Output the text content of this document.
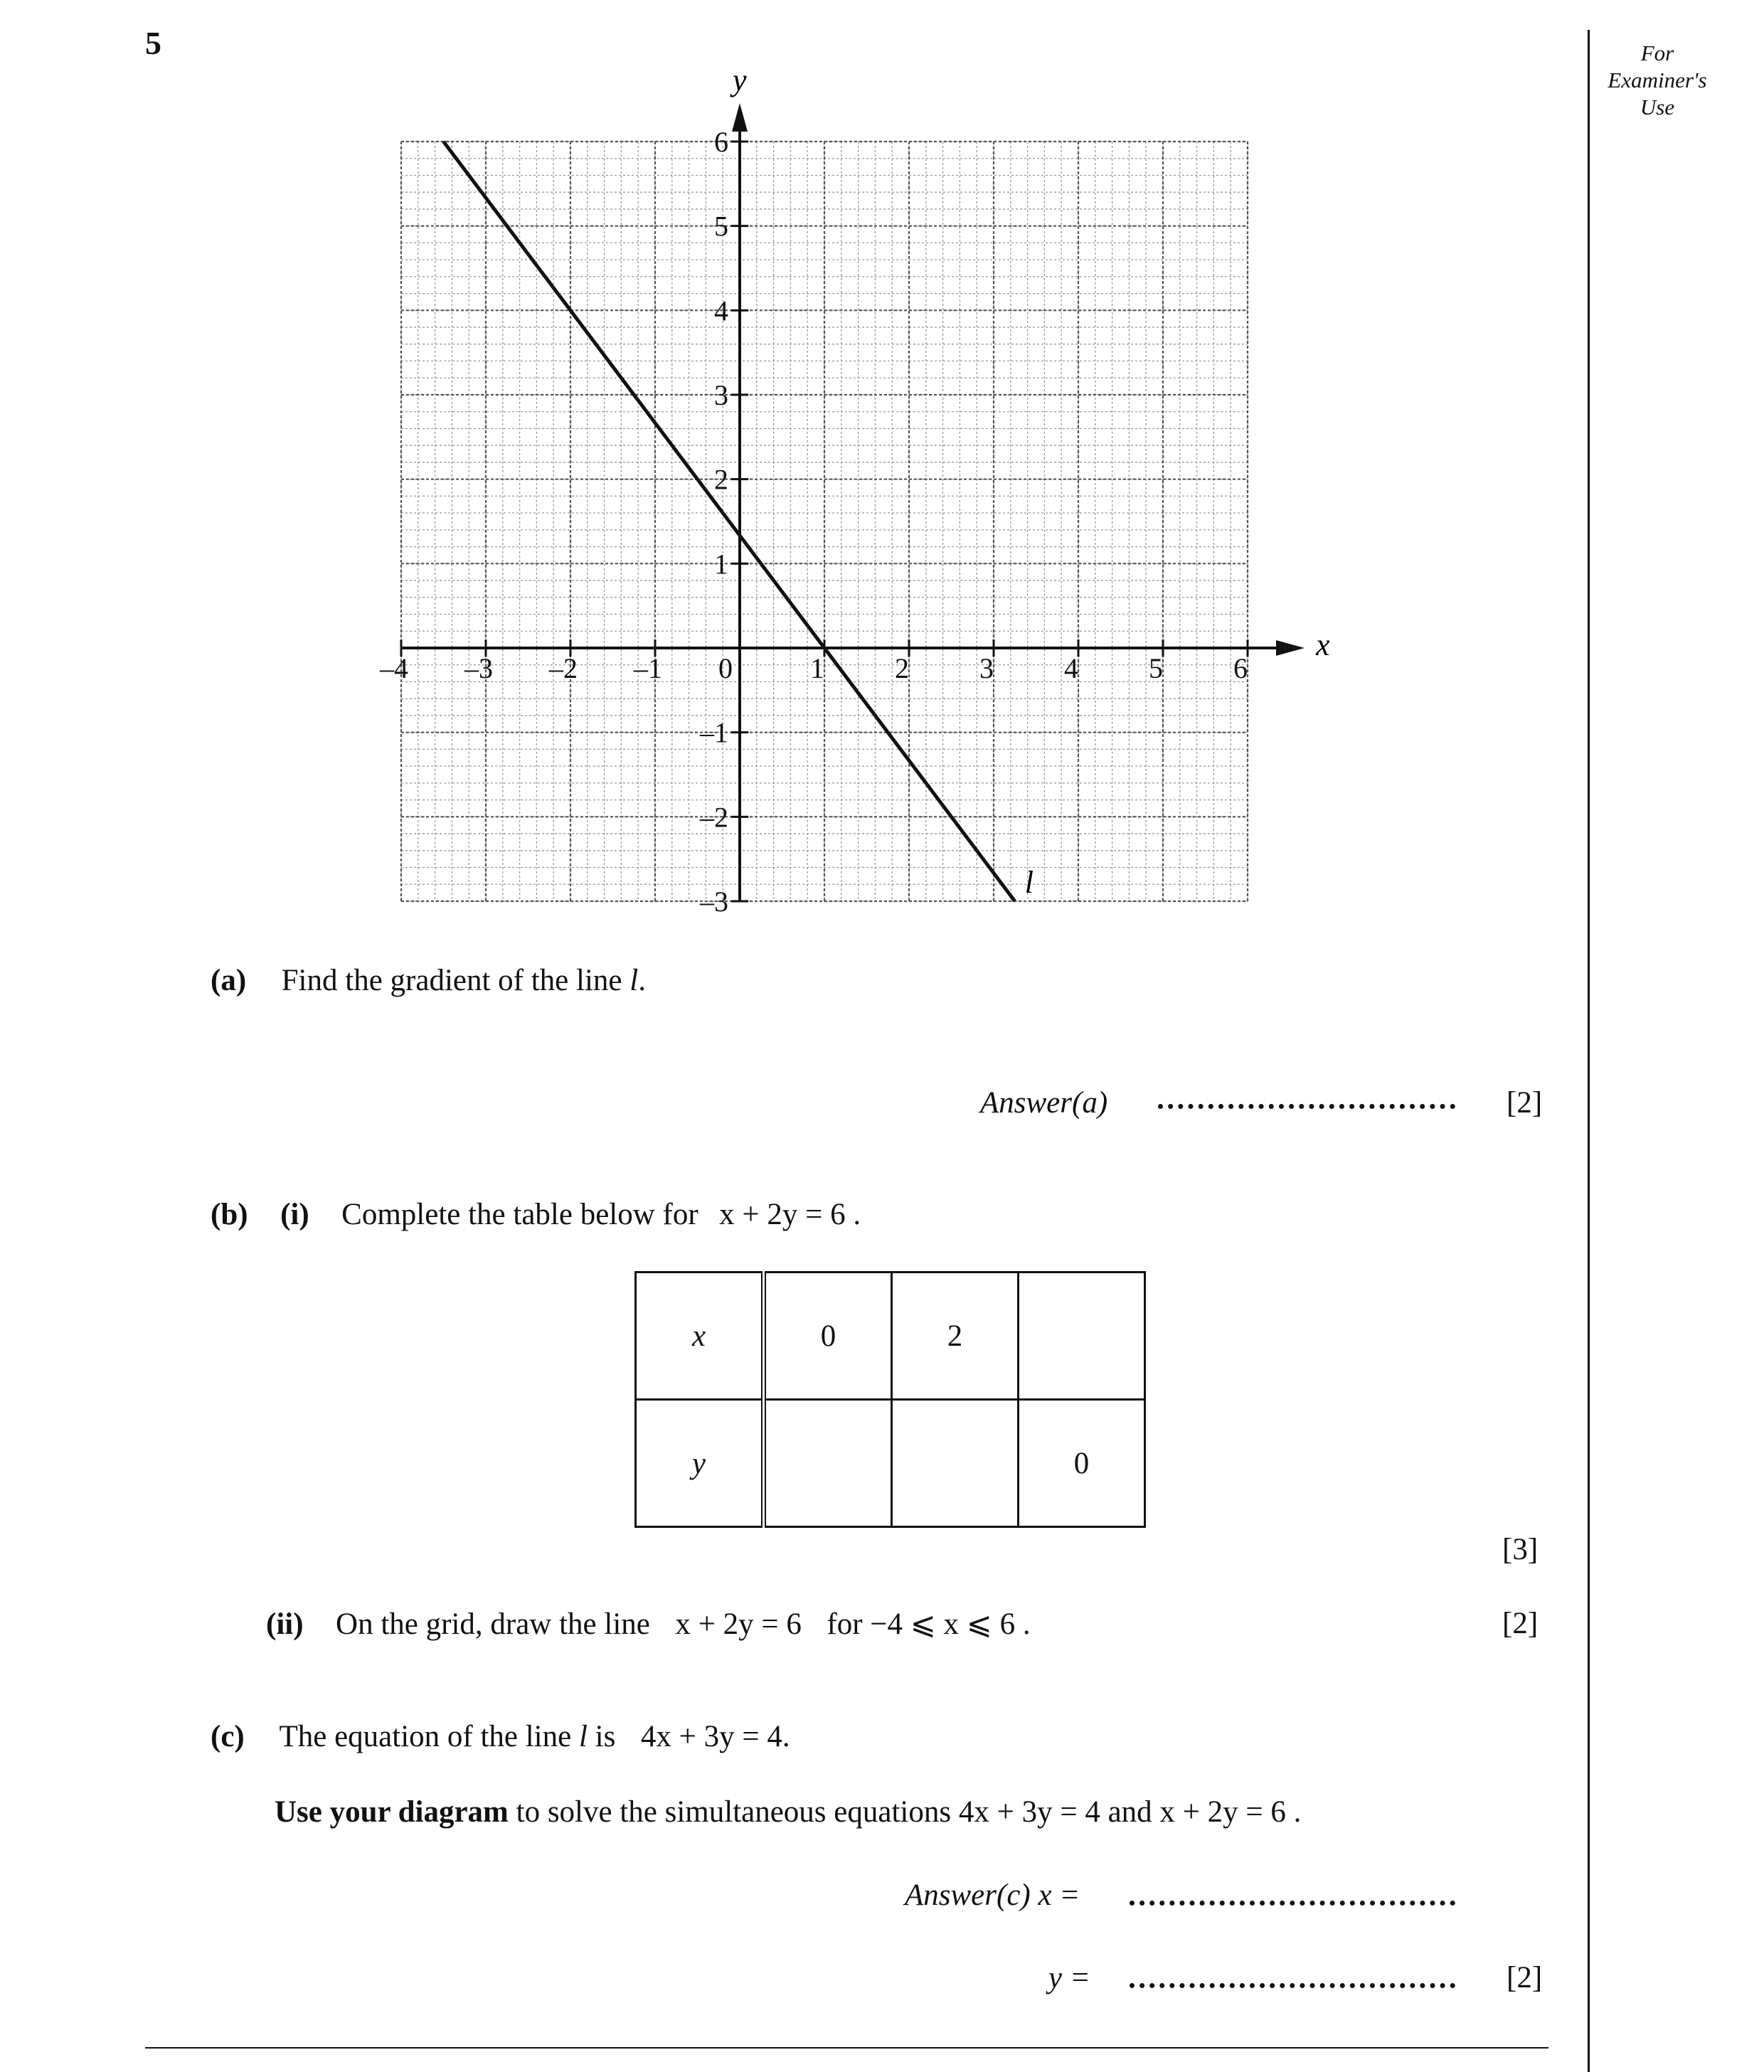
5	For
Examiner's
Use
x
y
–4 –3 –2 –1 0	1 2 3 4 5 6
6
5
4
3
2
1
–1
–2
–3
l
(a) Find the gradient of the line l.
Answer(a)	[2]
(b) (i) Complete the table below for x + 2y = 6 .
x	0	2	
y			0
[3]
(ii) On the grid, draw the line x + 2y = 6 for −4 ⩽ x ⩽ 6 .	[2]
(c) The equation of the line l is 4x + 3y = 4.
Use your diagram to solve the simultaneous equations 4x + 3y = 4 and x + 2y = 6 .
Answer(c) x =
y =	[2]
